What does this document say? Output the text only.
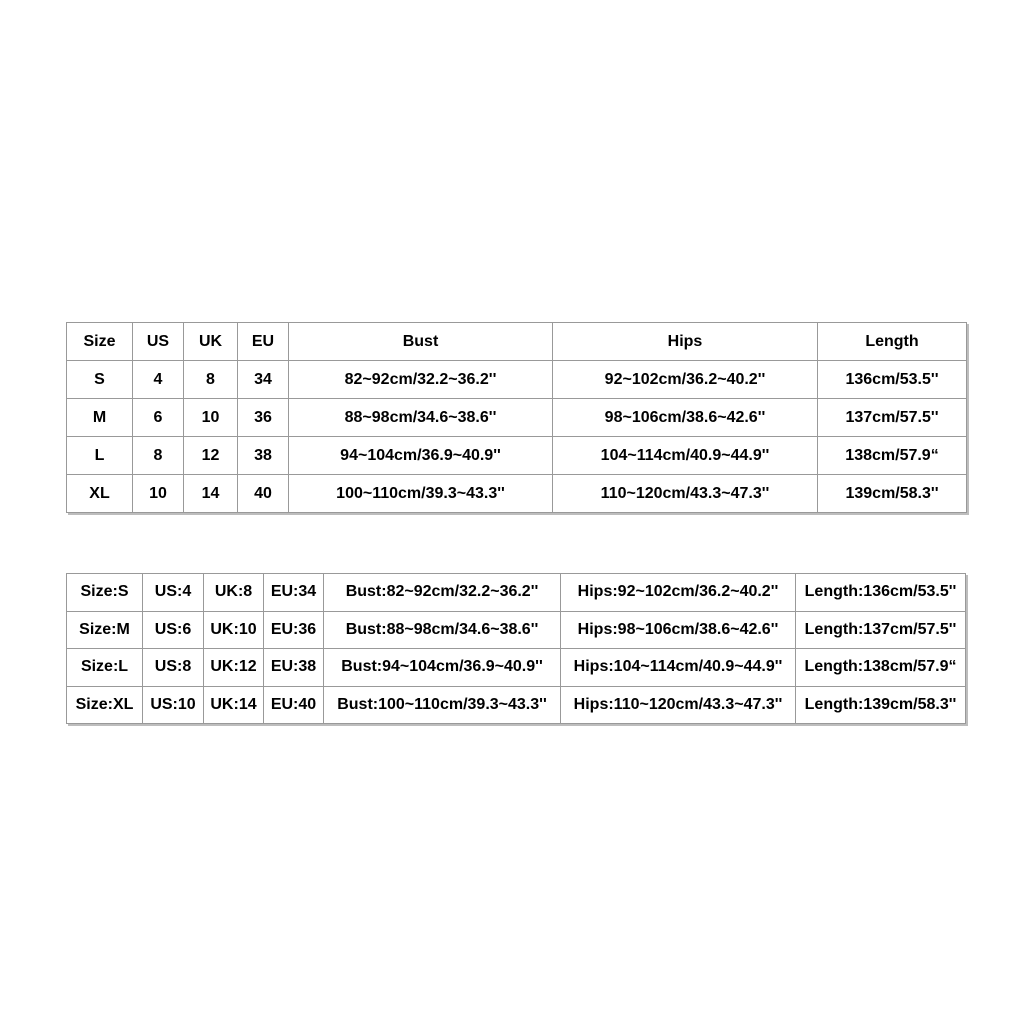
Size	US	UK	EU	Bust	Hips	Length
S	4	8	34	82~92cm/32.2~36.2''	92~102cm/36.2~40.2''	136cm/53.5''
M	6	10	36	88~98cm/34.6~38.6''	98~106cm/38.6~42.6''	137cm/57.5''
L	8	12	38	94~104cm/36.9~40.9''	104~114cm/40.9~44.9''	138cm/57.9“
XL	10	14	40	100~110cm/39.3~43.3''	110~120cm/43.3~47.3''	139cm/58.3''
Size:S	US:4	UK:8	EU:34	Bust:82~92cm/32.2~36.2''	Hips:92~102cm/36.2~40.2''	Length:136cm/53.5''
Size:M	US:6	UK:10	EU:36	Bust:88~98cm/34.6~38.6''	Hips:98~106cm/38.6~42.6''	Length:137cm/57.5''
Size:L	US:8	UK:12	EU:38	Bust:94~104cm/36.9~40.9''	Hips:104~114cm/40.9~44.9''	Length:138cm/57.9“
Size:XL	US:10	UK:14	EU:40	Bust:100~110cm/39.3~43.3''	Hips:110~120cm/43.3~47.3''	Length:139cm/58.3''
